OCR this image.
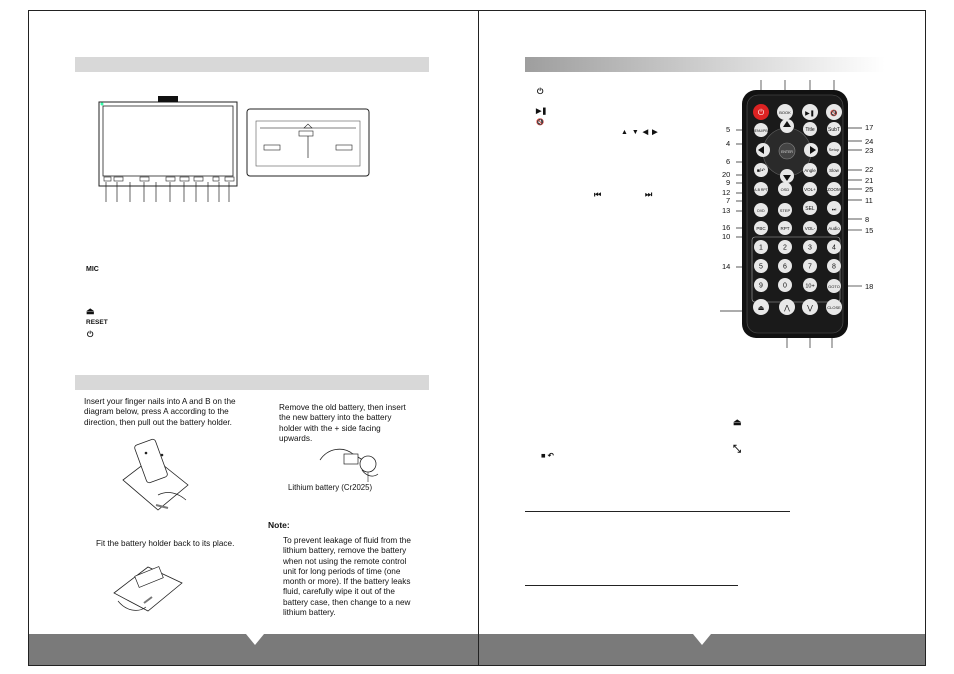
MIC
⏏
RESET
⏻
Insert your finger nails into A and B on the
diagram below, press A according to the
direction, then pull out the battery holder.
Remove the old battery, then insert
the new battery into the battery
holder with the + side facing
upwards.
Lithium battery (Cr2025)
Note:
Fit the battery holder back to its place.	To prevent leakage of fluid from the
lithium battery, remove the battery
when not using the remote control
unit for long periods of time (one
month or more). If the battery leaks
fluid, carefully wipe it out of the
battery case, then change to a new
lithium battery.
⏻
▶❚
🔇
▲ ▼ ◀ ▶
⏮	⏭
⏏
■ ↶
⤡
⏻	BOOK ▶❚	🔇
MENU/PBC	Title	SubT
ENTER	Setup
■/↶	Angle	Slow
A-B RPT	OSD	VOL+	ZOOM
DVD	STEP	SEL	⏭
PBC	RPT	VOL-	Audio
1	2	3	4
5	6	7	8
9	0	10+	GOTO
⏏	⋀ ⋁	CLOSE
5
4
6
20
9
12
7
13
16
10
14
17
24
23
22
21
25
11
8
15
18
